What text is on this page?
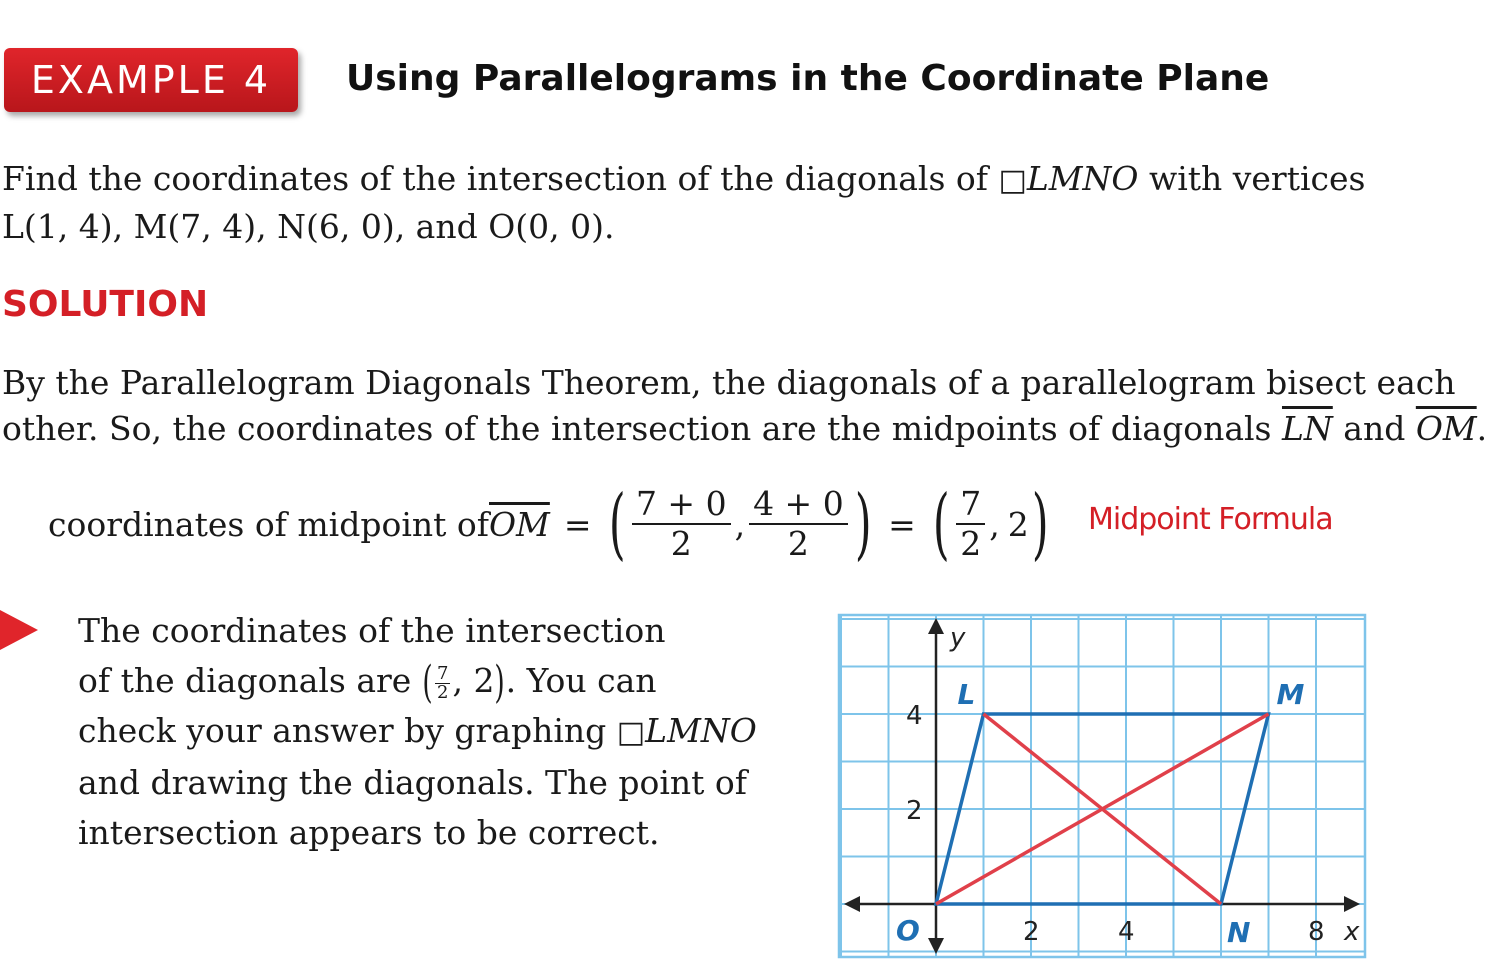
EXAMPLE 4	Using Parallelograms in the Coordinate Plane
Find the coordinates of the intersection of the diagonals of □LMNO with vertices
L(1, 4), M(7, 4), N(6, 0), and O(0, 0).
SOLUTION
By the Parallelogram Diagonals Theorem, the diagonals of a parallelogram bisect each
other. So, the coordinates of the intersection are the midpoints of diagonals $\overline{LN}$ and $\overline{OM}$.
coordinates of midpoint of $\overline{OM}$ = ( $\frac{7 + 0}{2}$ , $\frac{4 + 0}{2}$ ) = ( $\frac{7}{2}$ , 2 ) Midpoint Formula
The coordinates of the intersection
of the diagonals are ( $\frac{7}{2}$ , 2). You can
check your answer by graphing □LMNO
and drawing the diagonals. The point of
intersection appears to be correct.
2	4	8
4
2
x
y
L	M
N
O
